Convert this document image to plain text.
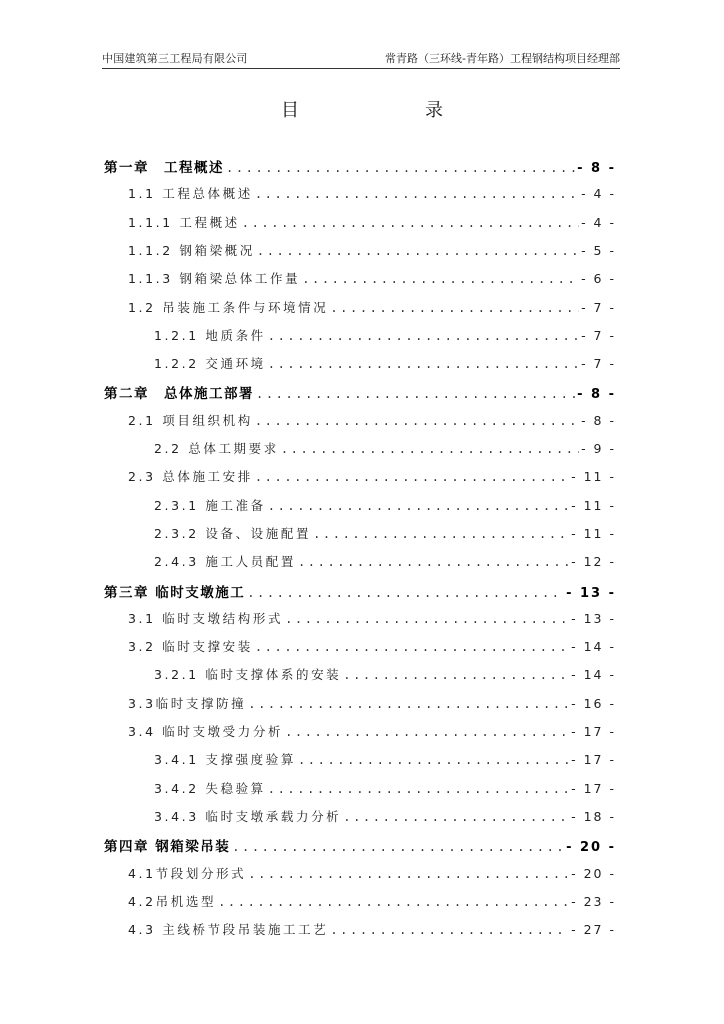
中国建筑第三工程局有限公司	常青路（三环线-青年路）工程钢结构项目经理部
目　　录
第一章　工程概述 .....	- 8 -
1.1 工程总体概述 .....	- 4 -
1.1.1 工程概述 .....	- 4 -
1.1.2 钢箱梁概况 .....	- 5 -
1.1.3 钢箱梁总体工作量 .....	- 6 -
1.2 吊装施工条件与环境情况 .....	- 7 -
1.2.1 地质条件 .....	- 7 -
1.2.2 交通环境 .....	- 7 -
第二章　总体施工部署 .....	- 8 -
2.1 项目组织机构 .....	- 8 -
2.2 总体工期要求 .....	- 9 -
2.3 总体施工安排 .....	- 11 -
2.3.1 施工准备 .....	- 11 -
2.3.2 设备、设施配置 .....	- 11 -
2.4.3 施工人员配置 .....	- 12 -
第三章 临时支墩施工 .....	- 13 -
3.1 临时支墩结构形式 .....	- 13 -
3.2 临时支撑安装 .....	- 14 -
3.2.1 临时支撑体系的安装 .....	- 14 -
3.3临时支撑防撞 .....	- 16 -
3.4 临时支墩受力分析 .....	- 17 -
3.4.1 支撑强度验算 .....	- 17 -
3.4.2 失稳验算 .....	- 17 -
3.4.3 临时支墩承载力分析 .....	- 18 -
第四章 钢箱梁吊装 .....	- 20 -
4.1节段划分形式 .....	- 20 -
4.2吊机选型 .....	- 23 -
4.3 主线桥节段吊装施工工艺 .....	- 27 -
